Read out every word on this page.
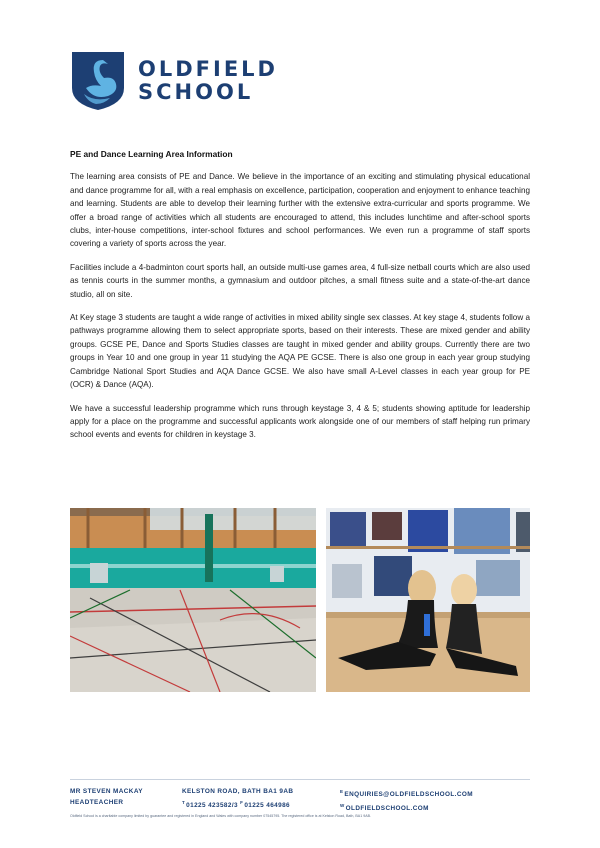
OLDFIELD
SCHOOL
PE and Dance Learning Area Information

The learning area consists of PE and Dance. We believe in the importance of an exciting and stimulating physical educational and dance programme for all, with a real emphasis on excellence, participation, cooperation and enjoyment to enhance teaching and learning. Students are able to develop their learning further with the extensive extra-curricular and sports programme. We offer a broad range of activities which all students are encouraged to attend, this includes lunchtime and after-school sports clubs, inter-house competitions, inter-school fixtures and school performances. We even run a programme of staff sports covering a variety of sports across the year.

Facilities include a 4-badminton court sports hall, an outside multi-use games area, 4 full-size netball courts which are also used as tennis courts in the summer months, a gymnasium and outdoor pitches, a small fitness suite and a state-of-the-art dance studio, all on site.

At Key stage 3 students are taught a wide range of activities in mixed ability single sex classes. At key stage 4, students follow a pathways programme allowing them to select appropriate sports, based on their interests. These are mixed gender and ability groups. GCSE PE, Dance and Sports Studies classes are taught in mixed gender and ability groups. Currently there are two groups in Year 10 and one group in year 11 studying the AQA PE GCSE. There is also one group in each year group studying Cambridge National Sport Studies and AQA Dance GCSE. We also have small A-Level classes in each year group for PE (OCR) & Dance (AQA).

We have a successful leadership programme which runs through keystage 3, 4 & 5; students showing aptitude for leadership apply for a place on the programme and successful applicants work alongside one of our members of staff helping run primary school events and events for children in keystage 3.

MR STEVEN MACKAY
HEADTEACHER
KELSTON ROAD, BATH BA1 9AB
$^T$01225 423582/3 $^F$01225 464986
$^E$ENQUIRIES@OLDFIELDSCHOOL.COM
$^W$OLDFIELDSCHOOL.COM
Oldfield School is a charitable company limited by guarantee and registered in England and Wales with company number 07545795. The registered office is at Kelston Road, Bath, BA1 9AB.
